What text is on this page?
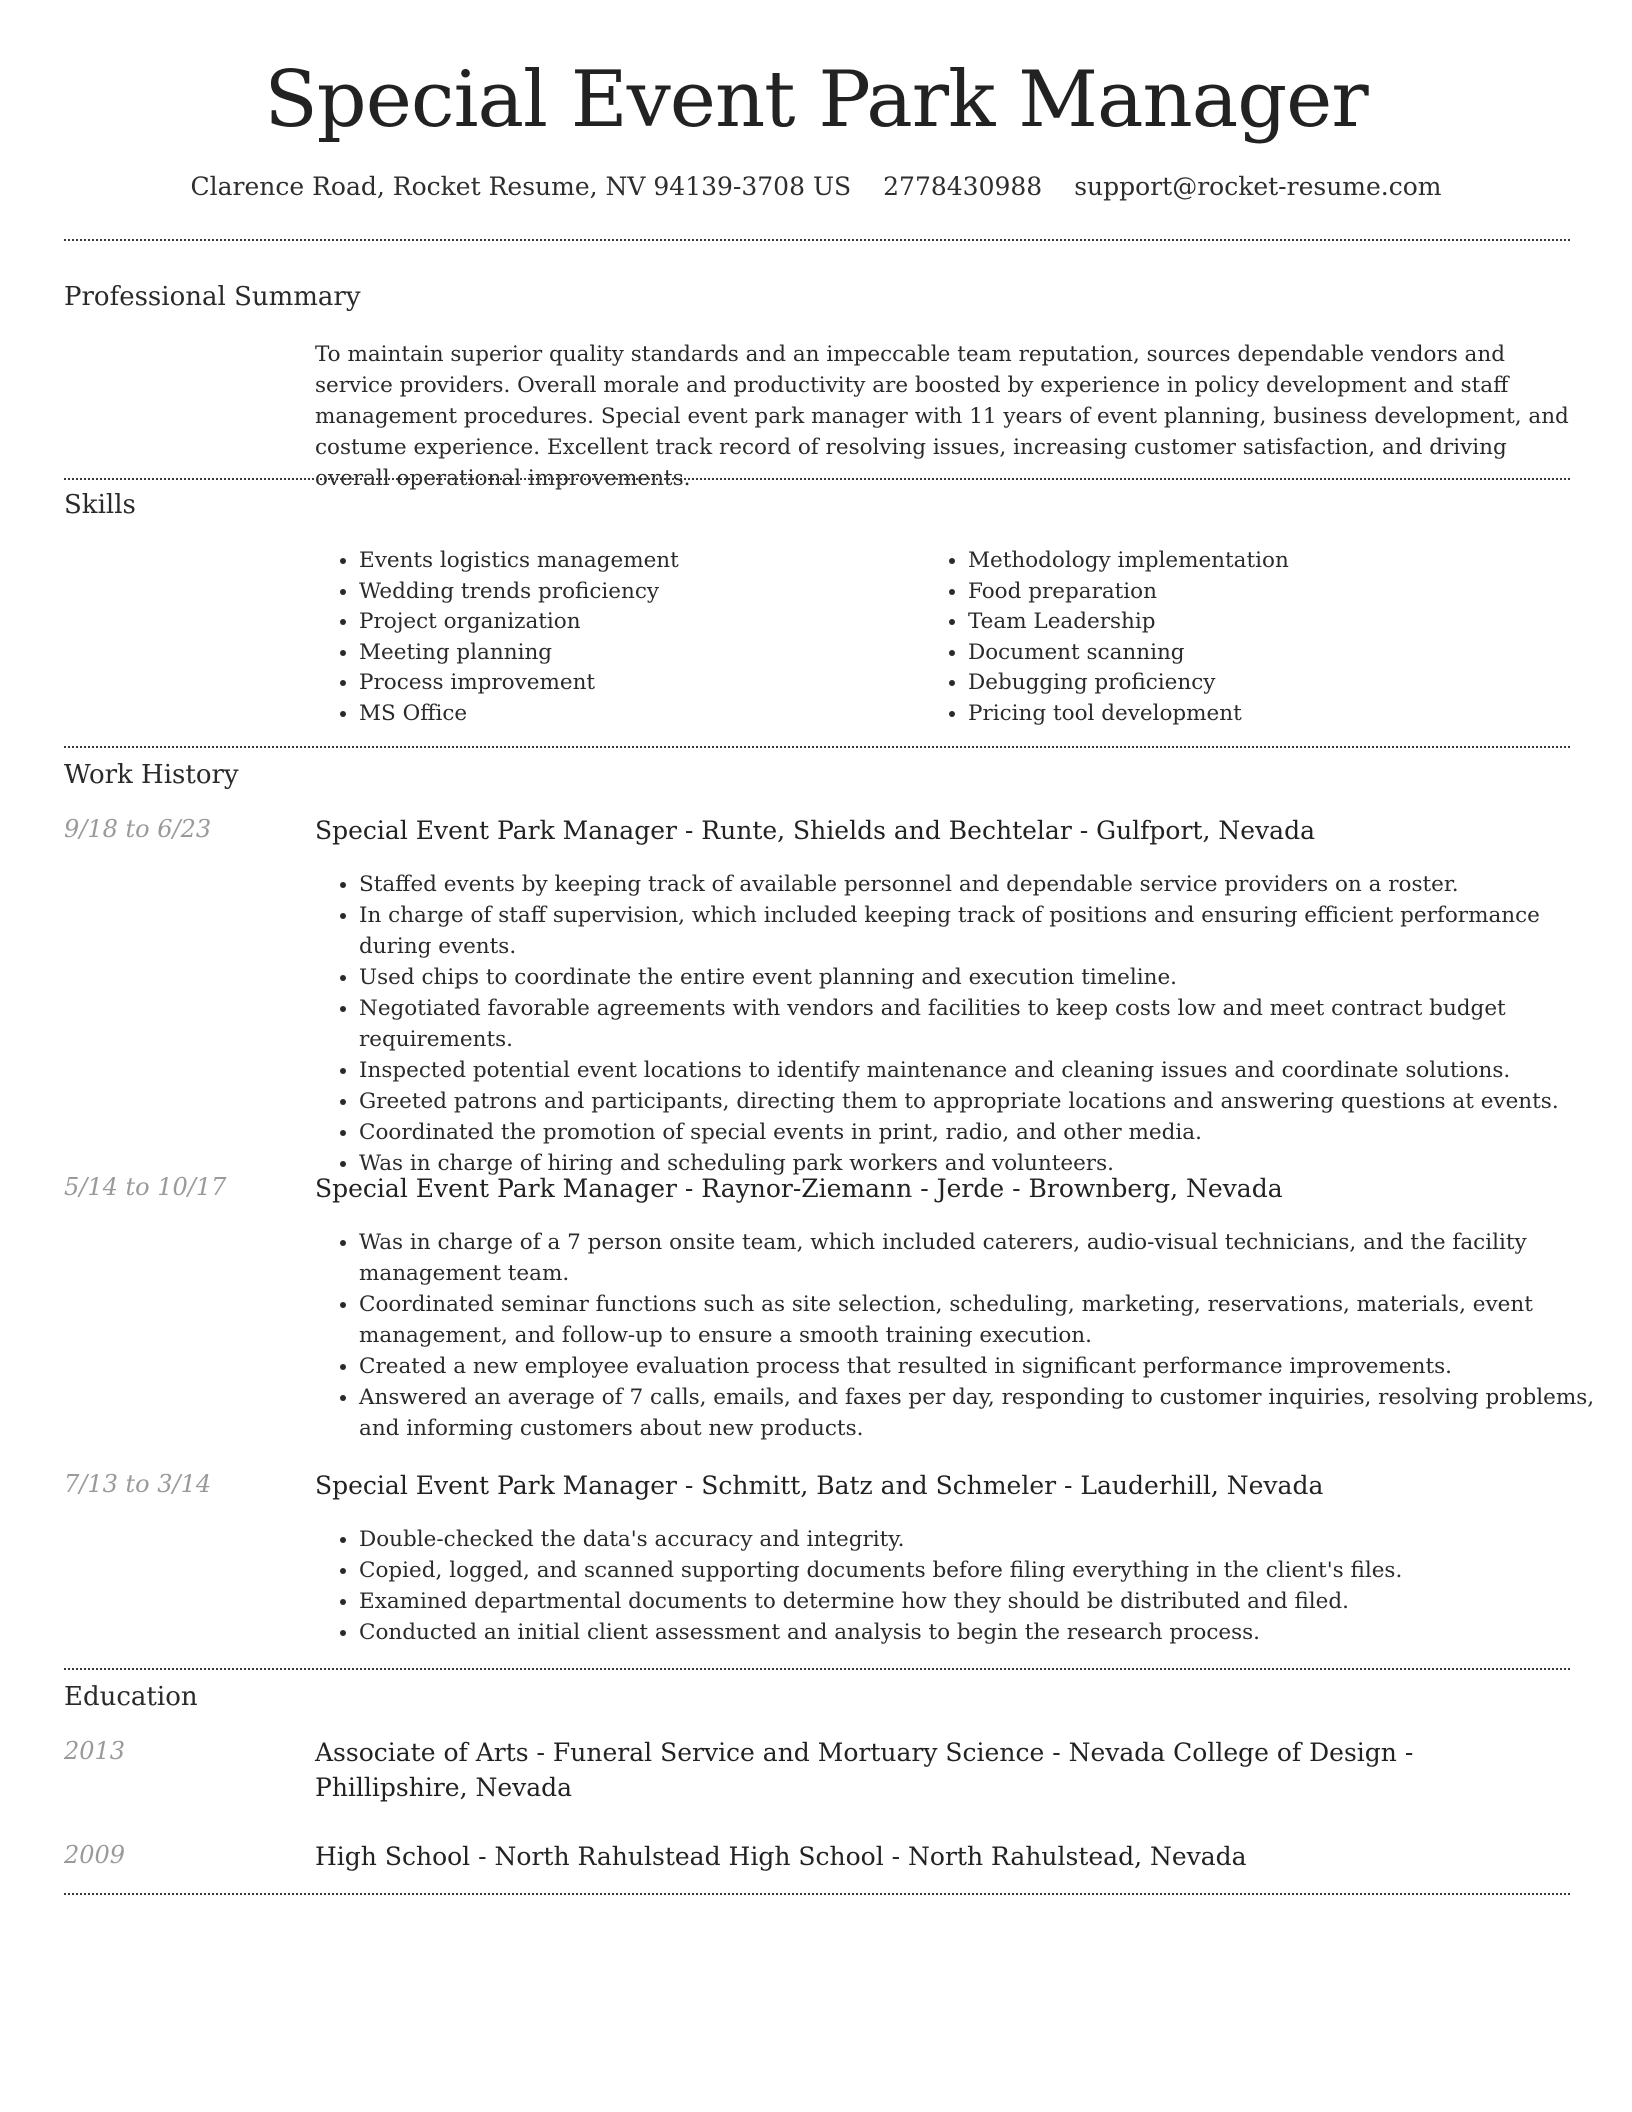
Special Event Park Manager
Clarence Road, Rocket Resume, NV 94139-3708 US 2778430988 support@rocket-resume.com
Professional Summary
To maintain superior quality standards and an impeccable team reputation, sources dependable vendors and service providers. Overall morale and productivity are boosted by experience in policy development and staff management procedures. Special event park manager with 11 years of event planning, business development, and costume experience. Excellent track record of resolving issues, increasing customer satisfaction, and driving overall operational improvements.
Skills
• Events logistics management
• Wedding trends proficiency
• Project organization
• Meeting planning
• Process improvement
• MS Office
• Methodology implementation
• Food preparation
• Team Leadership
• Document scanning
• Debugging proficiency
• Pricing tool development
Work History
9/18 to 6/23	Special Event Park Manager - Runte, Shields and Bechtelar - Gulfport, Nevada
• Staffed events by keeping track of available personnel and dependable service providers on a roster.
• In charge of staff supervision, which included keeping track of positions and ensuring efficient performance during events.
• Used chips to coordinate the entire event planning and execution timeline.
• Negotiated favorable agreements with vendors and facilities to keep costs low and meet contract budget requirements.
• Inspected potential event locations to identify maintenance and cleaning issues and coordinate solutions.
• Greeted patrons and participants, directing them to appropriate locations and answering questions at events.
• Coordinated the promotion of special events in print, radio, and other media.
• Was in charge of hiring and scheduling park workers and volunteers.
5/14 to 10/17	Special Event Park Manager - Raynor-Ziemann - Jerde - Brownberg, Nevada
• Was in charge of a 7 person onsite team, which included caterers, audio-visual technicians, and the facility management team.
• Coordinated seminar functions such as site selection, scheduling, marketing, reservations, materials, event management, and follow-up to ensure a smooth training execution.
• Created a new employee evaluation process that resulted in significant performance improvements.
• Answered an average of 7 calls, emails, and faxes per day, responding to customer inquiries, resolving problems, and informing customers about new products.
7/13 to 3/14	Special Event Park Manager - Schmitt, Batz and Schmeler - Lauderhill, Nevada
• Double-checked the data's accuracy and integrity.
• Copied, logged, and scanned supporting documents before filing everything in the client's files.
• Examined departmental documents to determine how they should be distributed and filed.
• Conducted an initial client assessment and analysis to begin the research process.
Education
2013	Associate of Arts - Funeral Service and Mortuary Science - Nevada College of Design - Phillipshire, Nevada
2009	High School - North Rahulstead High School - North Rahulstead, Nevada
